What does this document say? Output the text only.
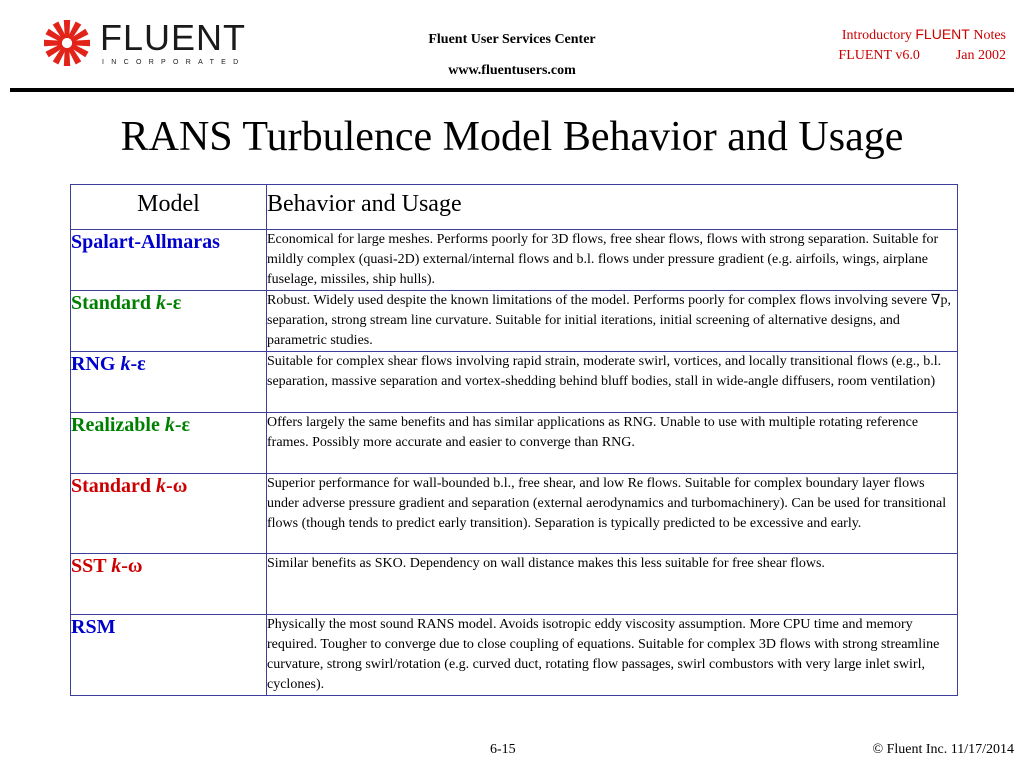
FLUENT
INCORPORATED
Fluent User Services Center
www.fluentusers.com
Introductory FLUENT Notes
FLUENT v6.0	Jan 2002
RANS Turbulence Model Behavior and Usage
Model	Behavior and Usage
Spalart-Allmaras	Economical for large meshes. Performs poorly for 3D flows, free shear flows, flows with strong separation. Suitable for mildly complex (quasi-2D) external/internal flows and b.l. flows under pressure gradient (e.g. airfoils, wings, airplane fuselage, missiles, ship hulls).
Standard k-ε	Robust. Widely used despite the known limitations of the model. Performs poorly for complex flows involving severe ∇p, separation, strong stream line curvature. Suitable for initial iterations, initial screening of alternative designs, and parametric studies.
RNG k-ε	Suitable for complex shear flows involving rapid strain, moderate swirl, vortices, and locally transitional flows (e.g., b.l. separation, massive separation and vortex-shedding behind bluff bodies, stall in wide-angle diffusers, room ventilation)
Realizable k-ε	Offers largely the same benefits and has similar applications as RNG. Unable to use with multiple rotating reference frames. Possibly more accurate and easier to converge than RNG.
Standard k-ω	Superior performance for wall-bounded b.l., free shear, and low Re flows. Suitable for complex boundary layer flows under adverse pressure gradient and separation (external aerodynamics and turbomachinery). Can be used for transitional flows (though tends to predict early transition). Separation is typically predicted to be excessive and early.
SST k-ω	Similar benefits as SKO. Dependency on wall distance makes this less suitable for free shear flows.
RSM	Physically the most sound RANS model. Avoids isotropic eddy viscosity assumption. More CPU time and memory required. Tougher to converge due to close coupling of equations. Suitable for complex 3D flows with strong streamline curvature, strong swirl/rotation (e.g. curved duct, rotating flow passages, swirl combustors with very large inlet swirl, cyclones).
6-15	© Fluent Inc. 11/17/2014
